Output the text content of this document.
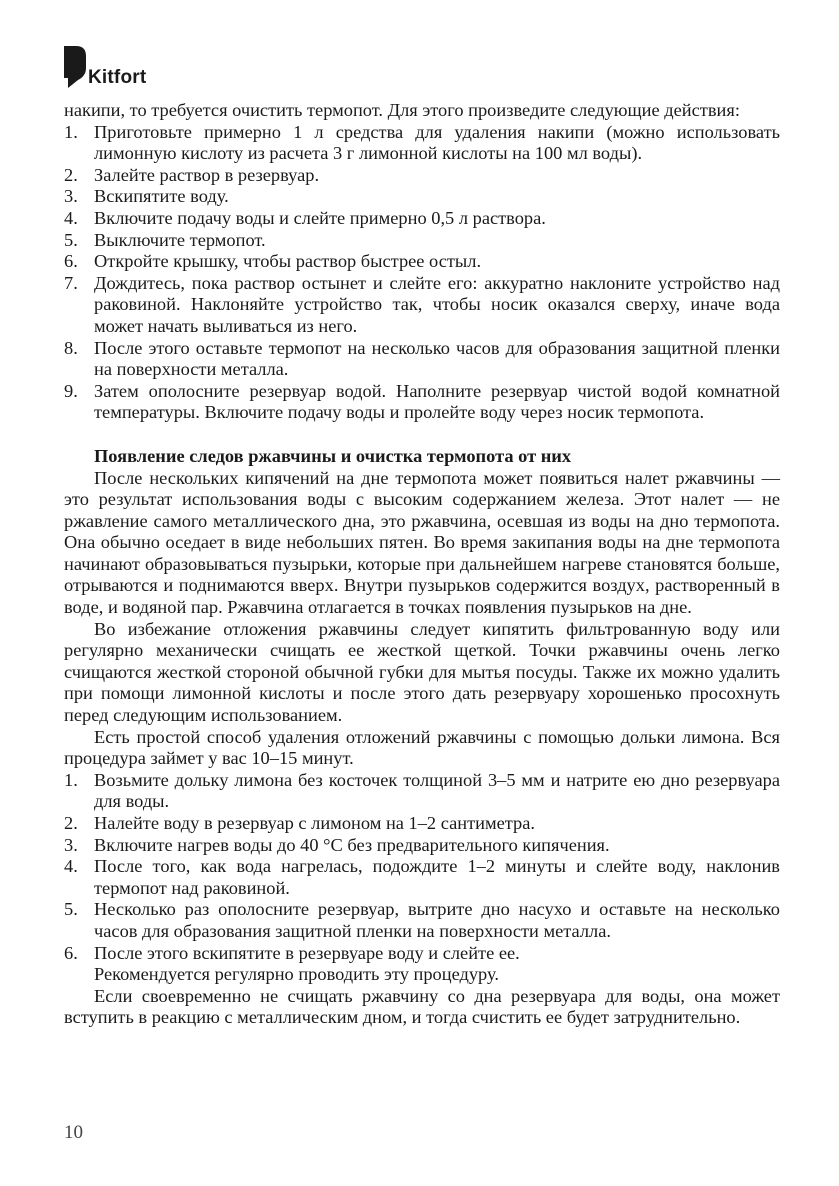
Kitfort

накипи, то требуется очистить термопот. Для этого произведите следующие действия:

1. Приготовьте примерно 1 л средства для удаления накипи (можно использовать лимонную кислоту из расчета 3 г лимонной кислоты на 100 мл воды).
2. Залейте раствор в резервуар.
3. Вскипятите воду.
4. Включите подачу воды и слейте примерно 0,5 л раствора.
5. Выключите термопот.
6. Откройте крышку, чтобы раствор быстрее остыл.
7. Дождитесь, пока раствор остынет и слейте его: аккуратно наклоните устройство над раковиной. Наклоняйте устройство так, чтобы носик оказался сверху, иначе вода может начать выливаться из него.
8. После этого оставьте термопот на несколько часов для образования защитной пленки на поверхности металла.
9. Затем ополосните резервуар водой. Наполните резервуар чистой водой комнатной температуры. Включите подачу воды и пролейте воду через носик термопота.

Появление следов ржавчины и очистка термопота от них

После нескольких кипячений на дне термопота может появиться налет ржавчины — это результат использования воды с высоким содержанием железа. Этот налет — не ржавление самого металлического дна, это ржавчина, осевшая из воды на дно термопота. Она обычно оседает в виде небольших пятен. Во время закипания воды на дне термопота начинают образовываться пузырьки, которые при дальнейшем нагреве становятся больше, отрываются и поднимаются вверх. Внутри пузырьков содержится воздух, растворенный в воде, и водяной пар. Ржавчина отлагается в точках появления пузырьков на дне.

Во избежание отложения ржавчины следует кипятить фильтрованную воду или регулярно механически счищать ее жесткой щеткой. Точки ржавчины очень легко счищаются жесткой стороной обычной губки для мытья посуды. Также их можно удалить при помощи лимонной кислоты и после этого дать резервуару хорошенько просохнуть перед следующим использованием.

Есть простой способ удаления отложений ржавчины с помощью дольки лимона. Вся процедура займет у вас 10–15 минут.

1. Возьмите дольку лимона без косточек толщиной 3–5 мм и натрите ею дно резервуара для воды.
2. Налейте воду в резервуар с лимоном на 1–2 сантиметра.
3. Включите нагрев воды до 40 °С без предварительного кипячения.
4. После того, как вода нагрелась, подождите 1–2 минуты и слейте воду, наклонив термопот над раковиной.
5. Несколько раз ополосните резервуар, вытрите дно насухо и оставьте на несколько часов для образования защитной пленки на поверхности металла.
6. После этого вскипятите в резервуаре воду и слейте ее.

Рекомендуется регулярно проводить эту процедуру.

Если своевременно не счищать ржавчину со дна резервуара для воды, она может вступить в реакцию с металлическим дном, и тогда счистить ее будет затруднительно.

10
